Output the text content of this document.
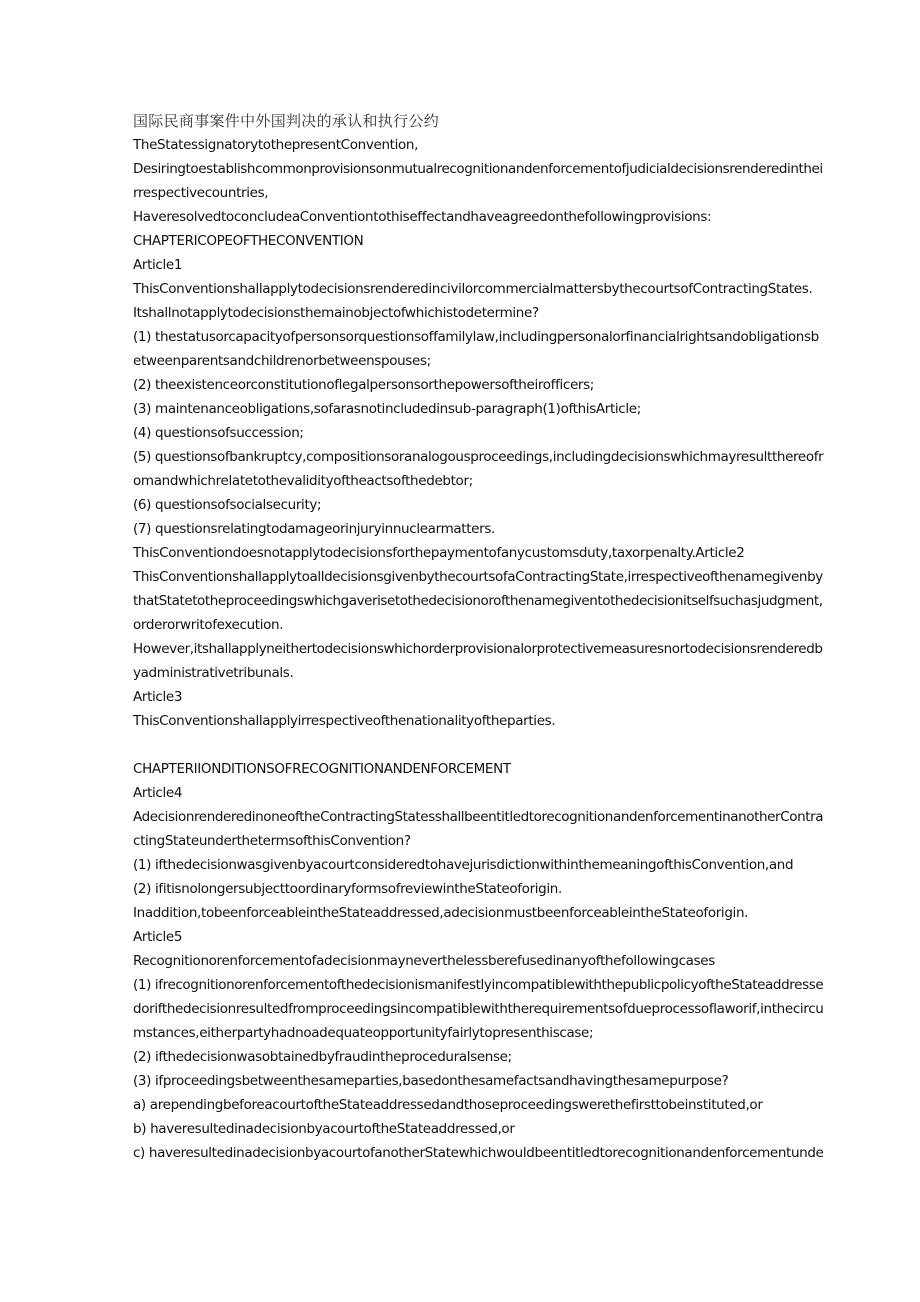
国际民商事案件中外国判决的承认和执行公约
TheStatessignatorytothepresentConvention,
Desiringtoestablishcommonprovisionsonmutualrecognitionandenforcementofjudicialdecisionsrenderedinthei
rrespectivecountries,
HaveresolvedtoconcludeaConventiontothiseffectandhaveagreedonthefollowingprovisions:
CHAPTERICOPEOFTHECONVENTION
Article1
ThisConventionshallapplytodecisionsrenderedincivilorcommercialmattersbythecourtsofContractingStates.
Itshallnotapplytodecisionsthemainobjectofwhichistodetermine?
(1) thestatusorcapacityofpersonsorquestionsoffamilylaw,includingpersonalorfinancialrightsandobligationsb
etweenparentsandchildrenorbetweenspouses;
(2) theexistenceorconstitutionoflegalpersonsorthepowersoftheirofficers;
(3) maintenanceobligations,sofarasnotincludedinsub-paragraph(1)ofthisArticle;
(4) questionsofsuccession;
(5) questionsofbankruptcy,compositionsoranalogousproceedings,includingdecisionswhichmayresultthereofr
omandwhichrelatetothevalidityoftheactsofthedebtor;
(6) questionsofsocialsecurity;
(7) questionsrelatingtodamageorinjuryinnuclearmatters.
ThisConventiondoesnotapplytodecisionsforthepaymentofanycustomsduty,taxorpenalty.Article2
ThisConventionshallapplytoalldecisionsgivenbythecourtsofaContractingState,irrespectiveofthenamegivenby
thatStatetotheproceedingswhichgaverisetothedecisionorofthenamegiventothedecisionitselfsuchasjudgment,
orderorwritofexecution.
However,itshallapplyneithertodecisionswhichorderprovisionalorprotectivemeasuresnortodecisionsrenderedb
yadministrativetribunals.
Article3
ThisConventionshallapplyirrespectiveofthenationalityoftheparties.
CHAPTERIIONDITIONSOFRECOGNITIONANDENFORCEMENT
Article4
AdecisionrenderedinoneoftheContractingStatesshallbeentitledtorecognitionandenforcementinanotherContra
ctingStateunderthetermsofthisConvention?
(1) ifthedecisionwasgivenbyacourtconsideredtohavejurisdictionwithinthemeaningofthisConvention,and
(2) ifitisnolongersubjecttoordinaryformsofreviewintheStateoforigin.
Inaddition,tobeenforceableintheStateaddressed,adecisionmustbeenforceableintheStateoforigin.
Article5
Recognitionorenforcementofadecisionmayneverthelessberefusedinanyofthefollowingcases
(1) ifrecognitionorenforcementofthedecisionismanifestlyincompatiblewiththepublicpolicyoftheStateaddresse
dorifthedecisionresultedfromproceedingsincompatiblewiththerequirementsofdueprocessoflaworif,inthecircu
mstances,eitherpartyhadnoadequateopportunityfairlytopresenthiscase;
(2) ifthedecisionwasobtainedbyfraudintheproceduralsense;
(3) ifproceedingsbetweenthesameparties,basedonthesamefactsandhavingthesamepurpose?
a) arependingbeforeacourtoftheStateaddressedandthoseproceedingswerethefirsttobeinstituted,or
b) haveresultedinadecisionbyacourtoftheStateaddressed,or
c) haveresultedinadecisionbyacourtofanotherStatewhichwouldbeentitledtorecognitionandenforcementunde
